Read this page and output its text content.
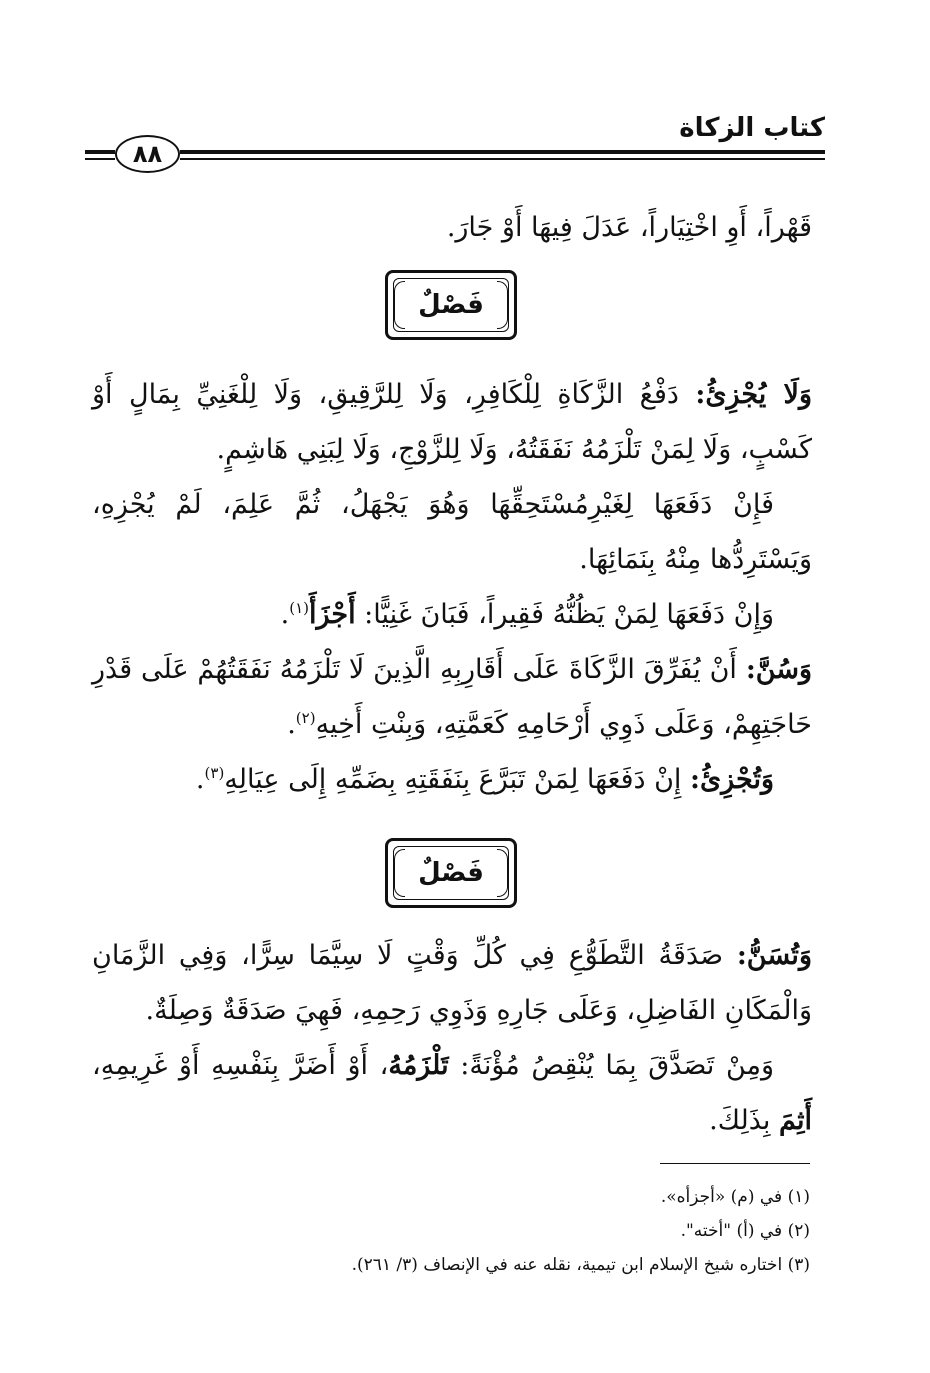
كتاب الزكاة
٨٨

قَهْراً، أَوِ اخْتِيَاراً، عَدَلَ فِيهَا أَوْ جَارَ.

فَصْلٌ

وَلَا يُجْزِئُ: دَفْعُ الزَّكَاةِ لِلْكَافِرِ، وَلَا لِلرَّقِيقِ، وَلَا لِلْغَنِيِّ بِمَالٍ أَوْ كَسْبٍ، وَلَا لِمَنْ تَلْزَمُهُ نَفَقَتُهُ، وَلَا لِلزَّوْجِ، وَلَا لِبَنِي هَاشِمٍ.

فَإِنْ دَفَعَهَا لِغَيْرِمُسْتَحِقِّهَا وَهُوَ يَجْهَلُ، ثُمَّ عَلِمَ، لَمْ يُجْزِهِ، وَيَسْتَرِدُّها مِنْهُ بِنَمَائِهَا.

وَإِنْ دَفَعَهَا لِمَنْ يَظُنُّهُ فَقِيراً، فَبَانَ غَنِيًّا: أَجْزَأَ$^{(١)}$.

وَسُنَّ: أَنْ يُفَرِّقَ الزَّكَاةَ عَلَى أَقَارِبِهِ الَّذِينَ لَا تَلْزَمُهُ نَفَقَتُهُمْ عَلَى قَدْرِ حَاجَتِهِمْ، وَعَلَى ذَوِي أَرْحَامِهِ كَعَمَّتِهِ، وَبِنْتِ أَخِيهِ$^{(٢)}$.

وَتُجْزِئُ: إِنْ دَفَعَهَا لِمَنْ تَبَرَّعَ بِنَفَقَتِهِ بِضَمِّهِ إِلَى عِيَالِهِ$^{(٣)}$.

فَصْلٌ

وَتُسَنُّ: صَدَقَةُ التَّطَوُّعِ فِي كُلِّ وَقْتٍ لَا سِيَّمَا سِرًّا، وَفِي الزَّمَانِ وَالْمَكَانِ الفَاضِلِ، وَعَلَى جَارِهِ وَذَوِي رَحِمِهِ، فَهِيَ صَدَقَةٌ وَصِلَةٌ.

وَمِنْ تَصَدَّقَ بِمَا يُنْقِصُ مُؤْنَةً: تَلْزَمُهُ، أَوْ أَضَرَّ بِنَفْسِهِ أَوْ غَرِيمِهِ، أَثِمَ بِذَلِكَ.

(١) في (م) «أجزأه».

(٢) في (أ) "أخته".

(٣) اختاره شيخ الإسلام ابن تيمية، نقله عنه في الإنصاف (٣/ ٢٦١).
